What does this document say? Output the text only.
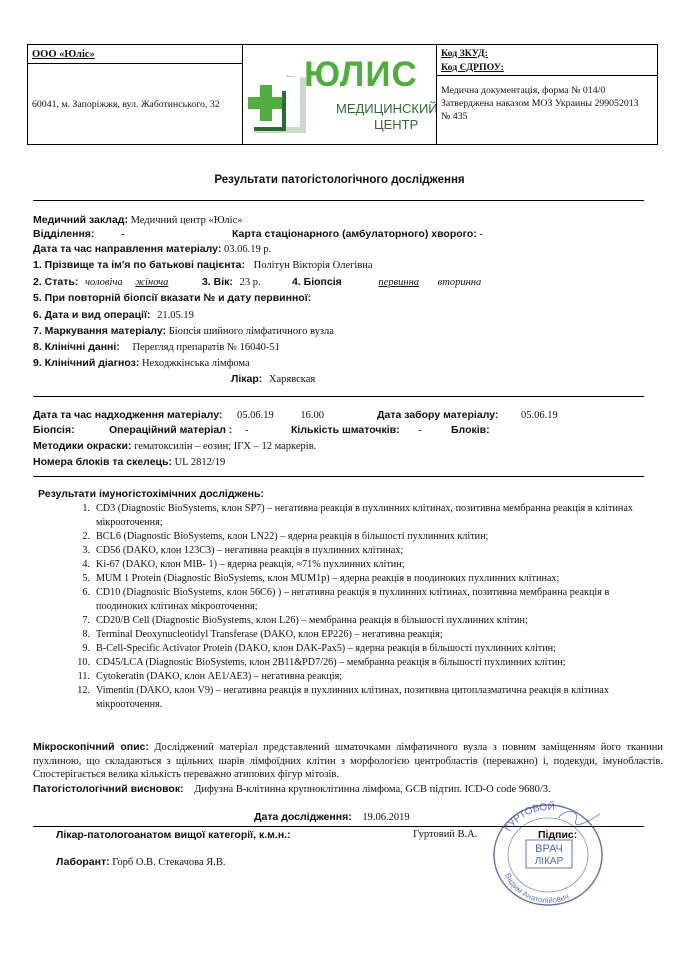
ООО «Юліс»
60041, м. Запоріжжя, вул. Жаботинського, 32
ЮЛИС
МЕДИЦИНСКИЙ
ЦЕНТР
Код ЗКУД:
Код ЄДРПОУ:
Медична документація, форма № 014/0
Затверджена наказом МОЗ Украины 299052013
№ 435
Результати патогістологічного дослідження
Медичний заклад: Медичний центр «Юліс»
Відділення:	-	Карта стаціонарного (амбулаторного) хворого: -
Дата та час направлення матеріалу: 03.06.19 р.
1. Прізвище та ім'я по батькові пацієнта: Політун Вікторія Олегівна
2. Стать: чоловіча жіноча	3. Вік: 23 р.	4. Біопсія	первинна вторинна
5. При повторній біопсії вказати № и дату первинної:
6. Дата и вид операції: 21.05.19
7. Маркування матеріалу: Біопсія шийного лімфатичного вузла
8. Клінічні данні: Перегляд препаратів № 16040-51
9. Клінічний діагноз: Неходжкінська лімфома
Лікар: Харявская
Дата та час надходження матеріалу: 05.06.19	16.00	Дата забору матеріалу: 05.06.19
Біопсія:	Операційний матеріал : -	Кількість шматочків: -	Блоків:
Методики окраски: гематоксилін – еозин; ІГХ – 12 маркерів.
Номера блоків та скелець: UL 2812/19
Результати імуногістохімічних досліджень:
1. CD3 (Diagnostic BioSystems, клон SP7) – негативна реакція в пухлинних клітинах, позитивна мембранна реакція в клітинах мікрооточення;
2. BCL6 (Diagnostic BioSystems, клон LN22) – ядерна реакція в більшості пухлинних клітин;
3. CD56 (DAKO, клон 123C3) – негативна реакція в пухлинних клітинах;
4. Ki-67 (DAKO, клон MIB- 1) – ядерна реакція, ≈71% пухлинних клітин;
5. MUM 1 Protein (Diagnostic BioSystems, клон MUM1p) – ядерна реакція в поодиноких пухлинних клітинах;
6. CD10 (Diagnostic BioSystems, клон 56C6) ) – негативна реакція в пухлинних клітинах, позитивна мембранна реакція в поодиноких клітинах мікрооточення;
7. CD20/B Cell (Diagnostic BioSystems, клон L26) – мембранна реакція в більшості пухлинних клітин;
8. Terminal Deoxynucleotidyl Transferase (DAKO, клон EP226) – негативна реакція;
9. B-Cell-Specific Activator Protein (DAKO, клон DAK-Pax5) – ядерна реакція в більшості пухлинних клітин;
10. CD45/LCA (Diagnostic BioSystems, клон 2B11&PD7/26) – мембранна реакція в більшості пухлинних клітин;
11. Cytokeratin (DAKO, клон AE1/AE3) – негативна реакція;
12. Vimentin (DAKO, клон V9) – негативна реакція в пухлинних клітинах, позитивна цитоплазматична реакція в клітинах мікрооточення.
Мікроскопічний опис: Досліджений матеріал представлений шматочками лімфатичного вузла з повним заміщенням його тканини пухлиною, що складаються з щільних шарів лімфоїдних клітин з морфологією центробластів (переважно) і, подекуди, імунобластів. Спостерігається велика кількість переважно атипових фігур мітозів.
Патогістологічний висновок: Дифузна В-клітинна крупноклітинна лімфома, GCB підтип. ICD-O code 9680/3.
Дата дослідження: 19.06.2019
Лікар-патологоанатом вищої категорії, к.м.н.:	Гуртовий В.А.	Підпис:
Лаборант: Горб О.В. Стекачова Я.В.
ГУРТОВОЙ
Вадим Анатолійович
ВРАЧ
ЛІКАР
